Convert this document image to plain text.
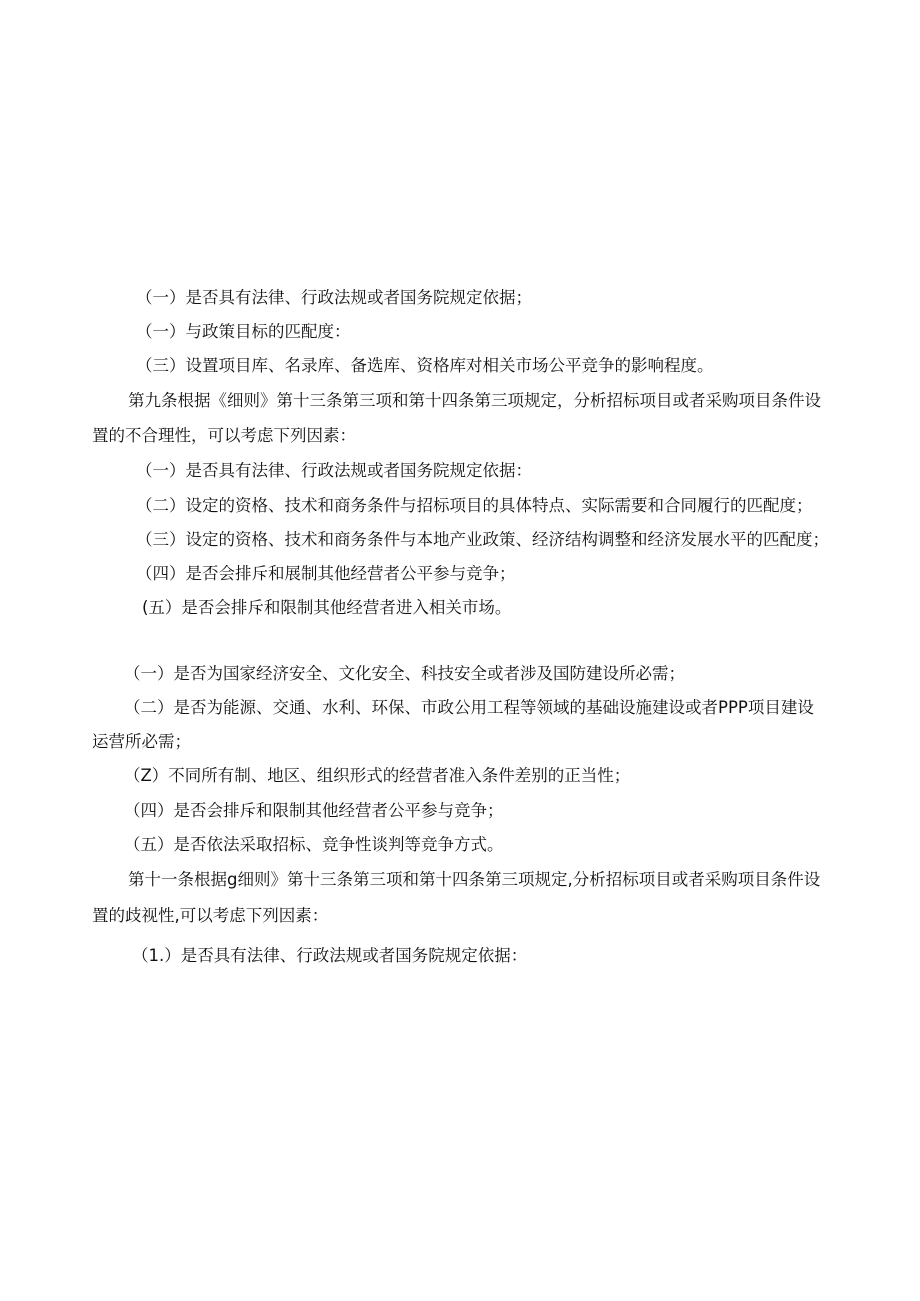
（一）是否具有法律、行政法规或者国务院规定依据；
（一）与政策目标的匹配度：
（三）设置项目库、名录库、备选库、资格库对相关市场公平竞争的影响程度。
第九条根据《细则》第十三条第三项和第十四条第三项规定，分析招标项目或者采购项目条件设
置的不合理性，可以考虑下列因素：
（一）是否具有法律、行政法规或者国务院规定依据：
（二）设定的资格、技术和商务条件与招标项目的具体特点、实际需要和合同履行的匹配度；
（三）设定的资格、技术和商务条件与本地产业政策、经济结构调整和经济发展水平的匹配度；
（四）是否会排斥和展制其他经营者公平参与竞争；
(五）是否会排斥和限制其他经营者进入相关市场。
（一）是否为国家经济安全、文化安全、科技安全或者涉及国防建设所必需；
（二）是否为能源、交通、水利、环保、市政公用工程等领域的基础设施建设或者PPP项目建设
运营所必需；
（Z）不同所有制、地区、组织形式的经营者准入条件差别的正当性；
（四）是否会排斥和限制其他经营者公平参与竞争；
（五）是否依法采取招标、竞争性谈判等竞争方式。
第十一条根据g细则》第十三条第三项和第十四条第三项规定,分析招标项目或者采购项目条件设
置的歧视性,可以考虑下列因素：
（1.）是否具有法律、行政法规或者国务院规定依据：
